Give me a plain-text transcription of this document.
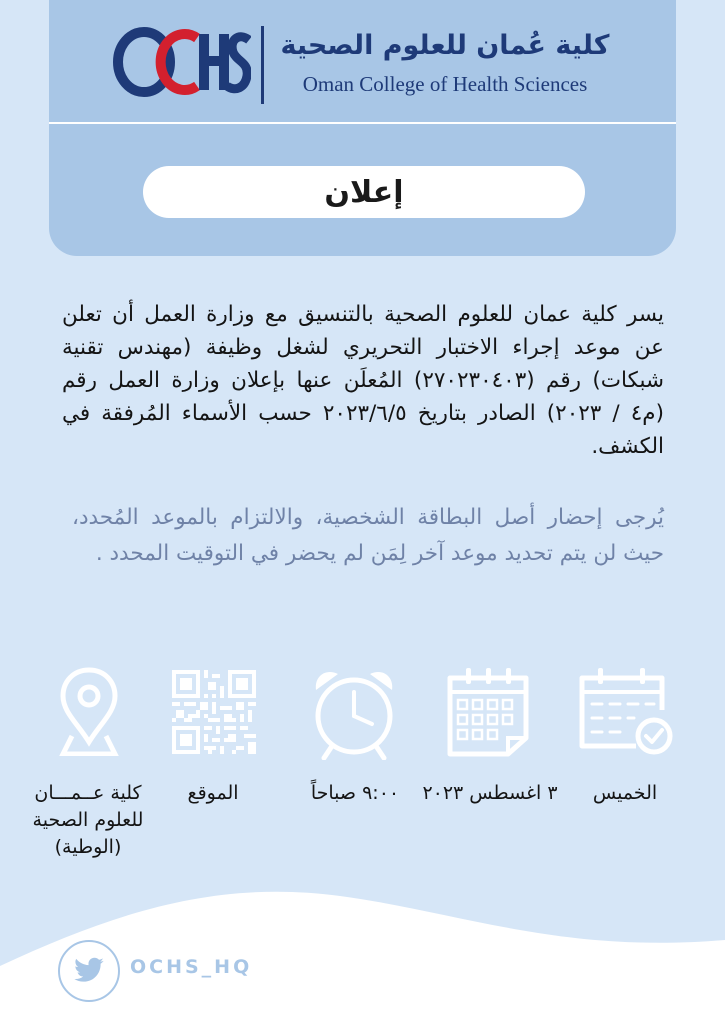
كلية عُمان للعلوم الصحية
Oman College of Health Sciences
إعلان

يسر كلية عمان للعلوم الصحية بالتنسيق مع وزارة العمل أن تعلن عن موعد إجراء الاختبار التحريري لشغل وظيفة (مهندس تقنية شبكات) رقم (٢٧٠٢٣٠٤٠٣) المُعلَن عنها بإعلان وزارة العمل رقم (م٤ / ٢٠٢٣) الصادر بتاريخ ٢٠٢٣/٦/٥ حسب الأسماء المُرفقة في الكشف.

يُرجى إحضار أصل البطاقة الشخصية، والالتزام بالموعد المُحدد، حيث لن يتم تحديد موعد آخر لِمَن لم يحضر في التوقيت المحدد .

كلية عــمـــان
للعلوم الصحية
(الوطية)
الموقع	٩:٠٠ صباحاً	٣ اغسطس ٢٠٢٣	الخميس
OCHS_HQ
